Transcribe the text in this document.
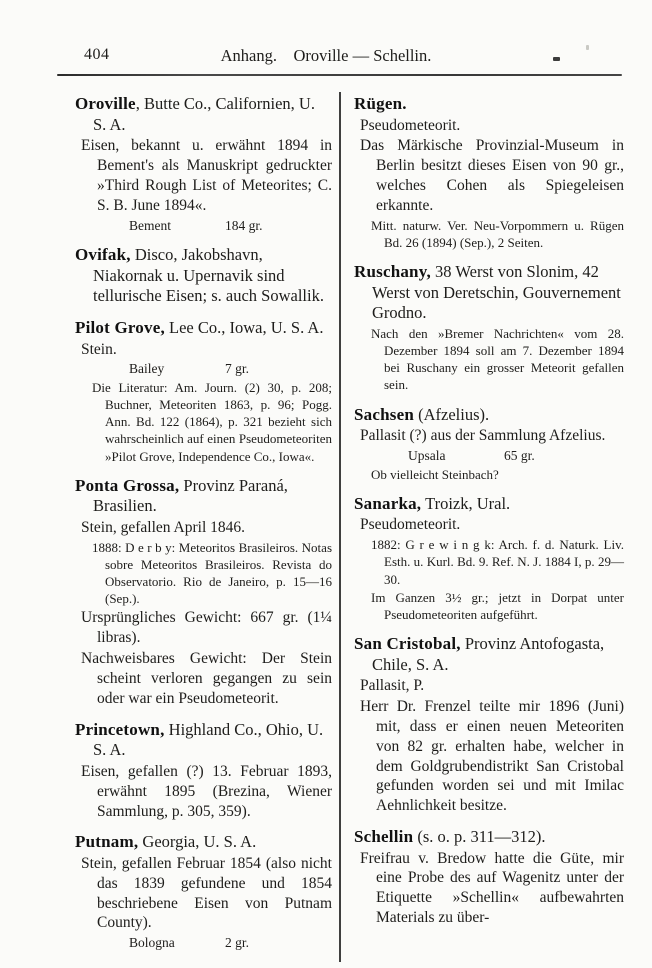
404	Anhang.  Oroville — Schellin.

Oroville, Butte Co., Californien, U. S. A.

Eisen, bekannt u. erwähnt 1894 in Bement's als Manuskript gedruckter »Third Rough List of Meteorites; C. S. B. June 1894«.

Bement	184 gr.

Ovifak, Disco, Jakobshavn, Niakornak u. Upernavik sind tellurische Eisen; s. auch Sowallik.

Pilot Grove, Lee Co., Iowa, U. S. A.

Stein.

Bailey	7 gr.

Die Literatur: Am. Journ. (2) 30, p. 208; Buchner, Meteoriten 1863, p. 96; Pogg. Ann. Bd. 122 (1864), p. 321 bezieht sich wahrscheinlich auf einen Pseudometeoriten »Pilot Grove, Independence Co., Iowa«.

Ponta Grossa, Provinz Paraná, Brasilien.

Stein, gefallen April 1846.

1888: D e r b y: Meteoritos Brasileiros. Notas sobre Meteoritos Brasileiros. Revista do Observatorio. Rio de Janeiro, p. 15—16 (Sep.).

Ursprüngliches Gewicht: 667 gr. (1¼ libras).

Nachweisbares Gewicht: Der Stein scheint verloren gegangen zu sein oder war ein Pseudometeorit.

Princetown, Highland Co., Ohio, U. S. A.

Eisen, gefallen (?) 13. Februar 1893, erwähnt 1895 (Brezina, Wiener Sammlung, p. 305, 359).

Putnam, Georgia, U. S. A.

Stein, gefallen Februar 1854 (also nicht das 1839 gefundene und 1854 beschriebene Eisen von Putnam County).

Bologna	2 gr.

Rügen.

Pseudometeorit.

Das Märkische Provinzial-Museum in Berlin besitzt dieses Eisen von 90 gr., welches Cohen als Spiegeleisen erkannte.

Mitt. naturw. Ver. Neu-Vorpommern u. Rügen Bd. 26 (1894) (Sep.), 2 Seiten.

Ruschany, 38 Werst von Slonim, 42 Werst von Deretschin, Gouvernement Grodno.

Nach den »Bremer Nachrichten« vom 28. Dezember 1894 soll am 7. Dezember 1894 bei Ruschany ein grosser Meteorit gefallen sein.

Sachsen (Afzelius).

Pallasit (?) aus der Sammlung Afzelius.

Upsala	65 gr.

Ob vielleicht Steinbach?

Sanarka, Troizk, Ural.

Pseudometeorit.

1882: G r e w i n g k: Arch. f. d. Naturk. Liv. Esth. u. Kurl. Bd. 9. Ref. N. J. 1884 I, p. 29—30.

Im Ganzen 3½ gr.; jetzt in Dorpat unter Pseudometeoriten aufgeführt.

San Cristobal, Provinz Antofogasta, Chile, S. A.

Pallasit, P.

Herr Dr. Frenzel teilte mir 1896 (Juni) mit, dass er einen neuen Meteoriten von 82 gr. erhalten habe, welcher in dem Goldgrubendistrikt San Cristobal gefunden worden sei und mit Imilac Aehnlichkeit besitze.

Schellin (s. o. p. 311—312).

Freifrau v. Bredow hatte die Güte, mir eine Probe des auf Wagenitz unter der Etiquette »Schellin« aufbewahrten Materials zu über-
